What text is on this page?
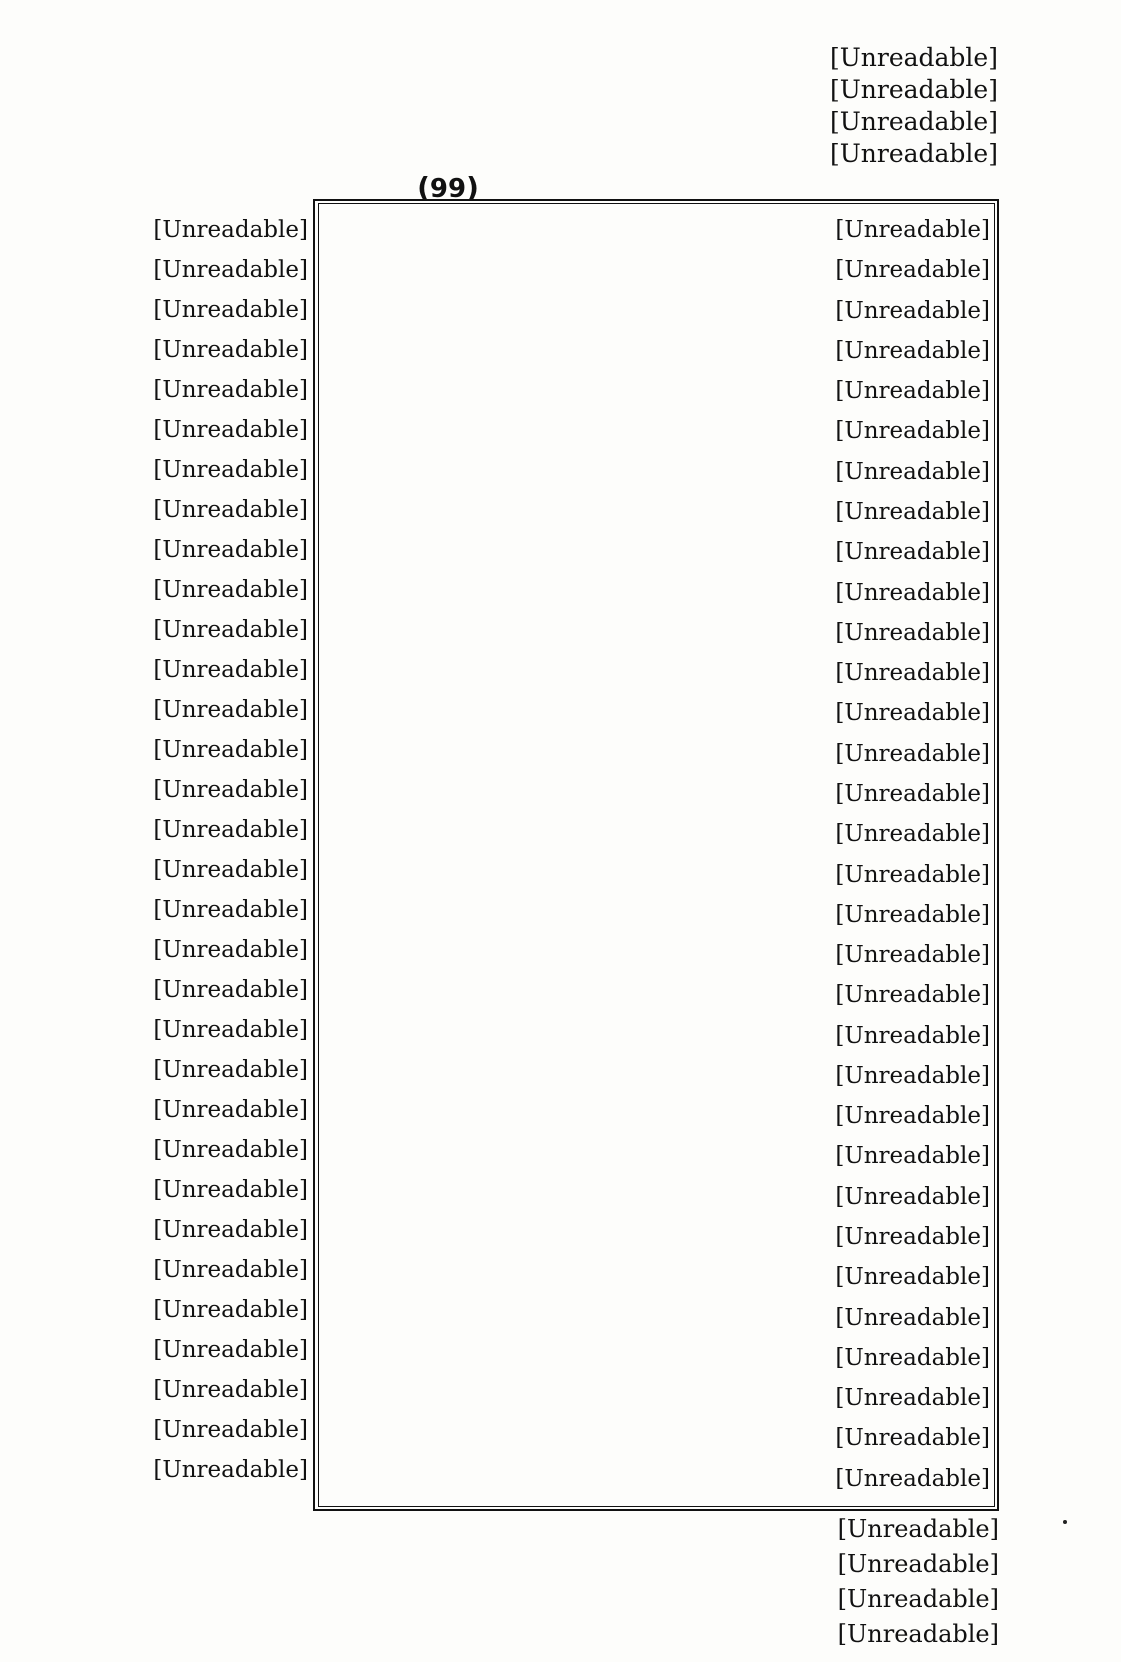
[Unreadable]
[Unreadable]
[Unreadable]
[Unreadable]
(99)
[Unreadable]
[Unreadable]
[Unreadable]
[Unreadable]
[Unreadable]
[Unreadable]
[Unreadable]
[Unreadable]
[Unreadable]
[Unreadable]
[Unreadable]
[Unreadable]
[Unreadable]
[Unreadable]
[Unreadable]
[Unreadable]
[Unreadable]
[Unreadable]
[Unreadable]
[Unreadable]
[Unreadable]
[Unreadable]
[Unreadable]
[Unreadable]
[Unreadable]
[Unreadable]
[Unreadable]
[Unreadable]
[Unreadable]
[Unreadable]
[Unreadable]
[Unreadable]
[Unreadable]
[Unreadable]
[Unreadable]
[Unreadable]
[Unreadable]
[Unreadable]
[Unreadable]
[Unreadable]
[Unreadable]
[Unreadable]
[Unreadable]
[Unreadable]
[Unreadable]
[Unreadable]
[Unreadable]
[Unreadable]
[Unreadable]
[Unreadable]
[Unreadable]
[Unreadable]
[Unreadable]
[Unreadable]
[Unreadable]
[Unreadable]
[Unreadable]
[Unreadable]
[Unreadable]
[Unreadable]
[Unreadable]
[Unreadable]
[Unreadable]
[Unreadable]
[Unreadable]
[Unreadable]
[Unreadable]
[Unreadable]
